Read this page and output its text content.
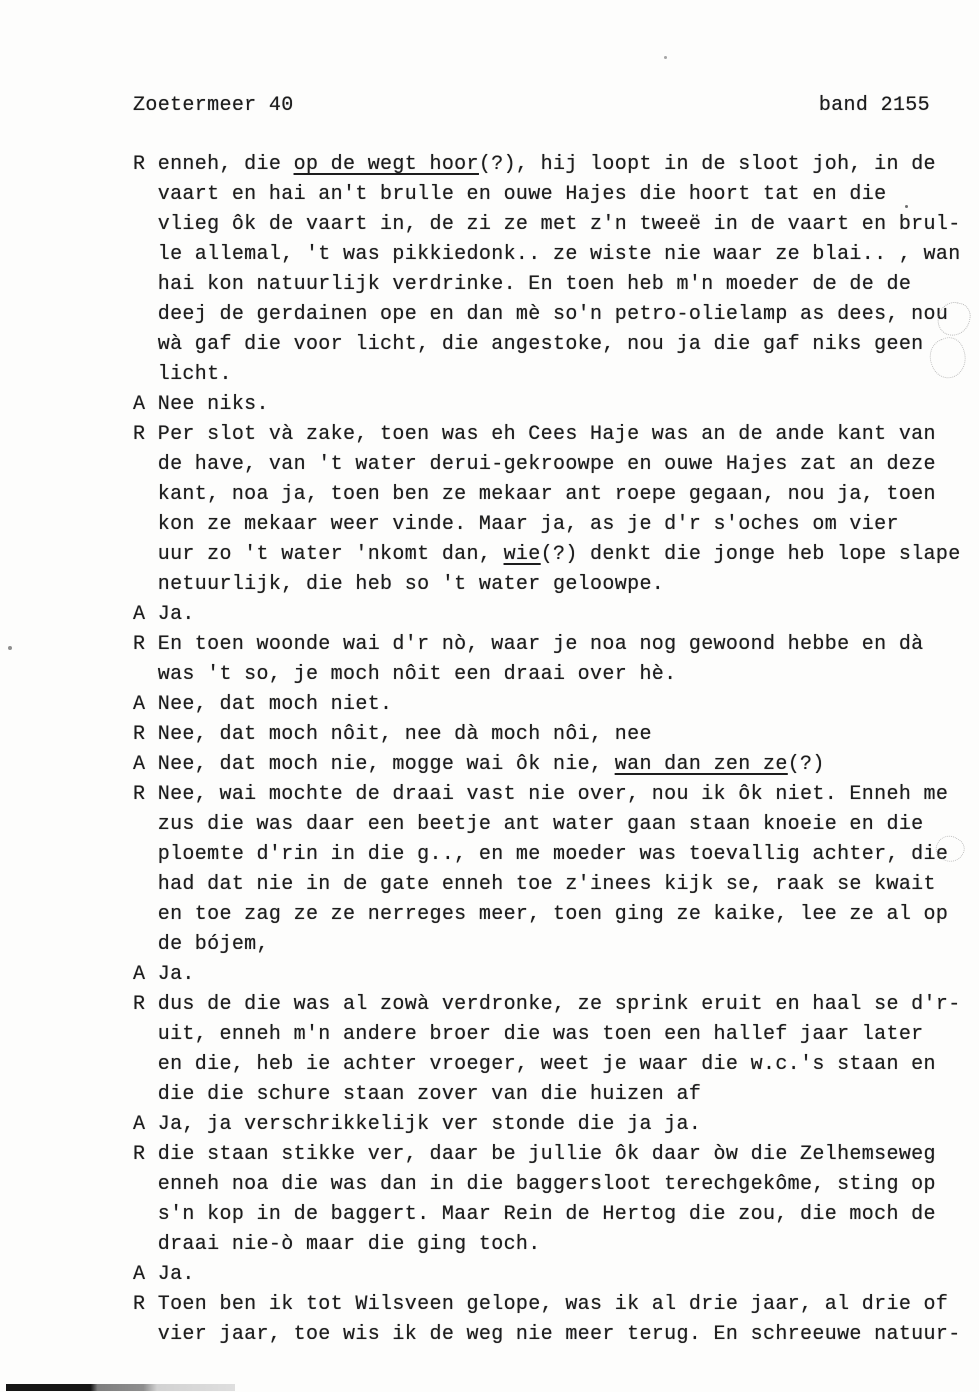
Zoetermeer 40	band 2155
R enneh, die op de wegt hoor(?), hij loopt in de sloot joh, in de
vaart en hai an't brulle en ouwe Hajes die hoort tat en die
vlieg ôk de vaart in, de zi ze met z'n tweeë in de vaart en brul-
le allemal, 't was pikkiedonk.. ze wiste nie waar ze blai.. , wan
hai kon natuurlijk verdrinke. En toen heb m'n moeder de de de
deej de gerdainen ope en dan mè so'n petro-olielamp as dees, nou
wà gaf die voor licht, die angestoke, nou ja die gaf niks geen
licht.
A Nee niks.
R Per slot và zake, toen was eh Cees Haje was an de ande kant van
de have, van 't water derui-gekroowpe en ouwe Hajes zat an deze
kant, noa ja, toen ben ze mekaar ant roepe gegaan, nou ja, toen
kon ze mekaar weer vinde. Maar ja, as je d'r s'oches om vier
uur zo 't water 'nkomt dan, wie(?) denkt die jonge heb lope slape
netuurlijk, die heb so 't water geloowpe.
A Ja.
R En toen woonde wai d'r nò, waar je noa nog gewoond hebbe en dà
was 't so, je moch nôit een draai over hè.
A Nee, dat moch niet.
R Nee, dat moch nôit, nee dà moch nôi, nee
A Nee, dat moch nie, mogge wai ôk nie, wan dan zen ze(?)
R Nee, wai mochte de draai vast nie over, nou ik ôk niet. Enneh me
zus die was daar een beetje ant water gaan staan knoeie en die
ploemte d'rin in die g.., en me moeder was toevallig achter, die
had dat nie in de gate enneh toe z'inees kijk se, raak se kwait
en toe zag ze ze nerreges meer, toen ging ze kaike, lee ze al op
de bójem,
A Ja.
R dus de die was al zowà verdronke, ze sprink eruit en haal se d'r-
uit, enneh m'n andere broer die was toen een hallef jaar later
en die, heb ie achter vroeger, weet je waar die w.c.'s staan en
die die schure staan zover van die huizen af
A Ja, ja verschrikkelijk ver stonde die ja ja.
R die staan stikke ver, daar be jullie ôk daar òw die Zelhemseweg
enneh noa die was dan in die baggersloot terechgekôme, sting op
s'n kop in de baggert. Maar Rein de Hertog die zou, die moch de
draai nie-ò maar die ging toch.
A Ja.
R Toen ben ik tot Wilsveen gelope, was ik al drie jaar, al drie of
vier jaar, toe wis ik de weg nie meer terug. En schreeuwe natuur-
